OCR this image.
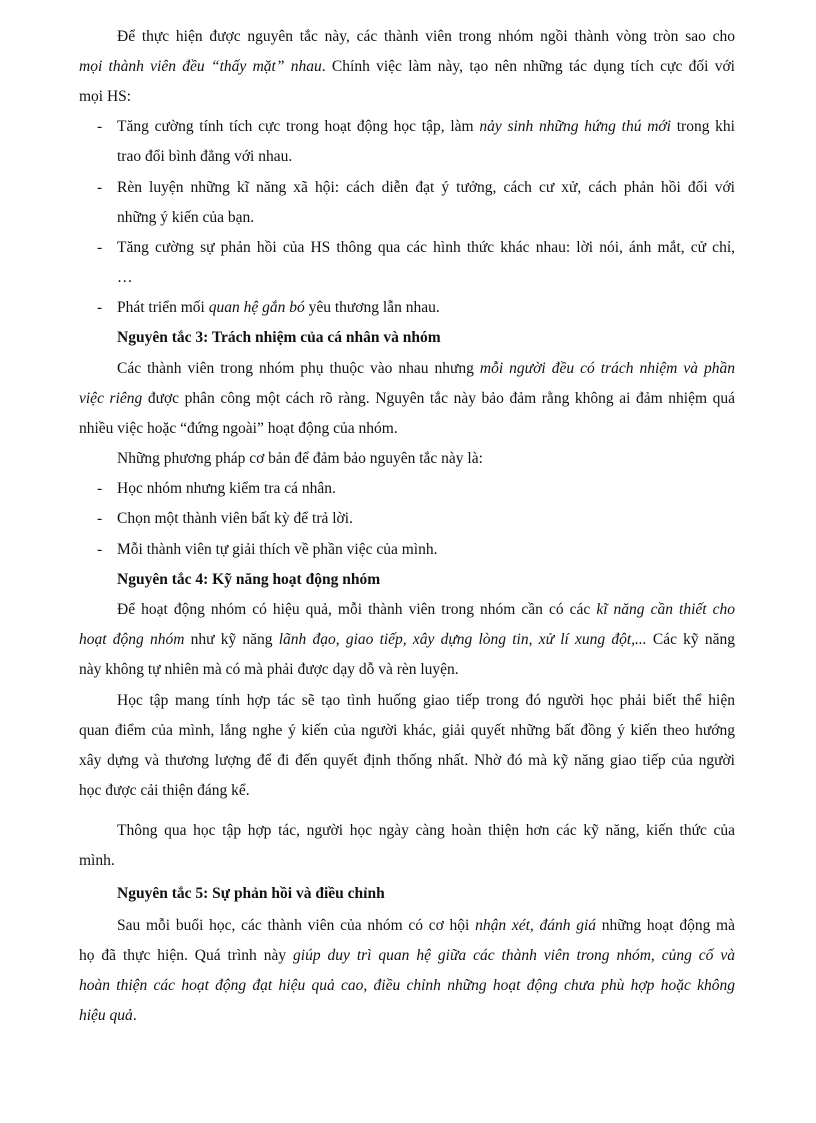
Để thực hiện được nguyên tắc này, các thành viên trong nhóm ngồi thành vòng tròn sao cho
mọi thành viên đều “thấy mặt” nhau. Chính việc làm này, tạo nên những tác dụng tích cực đối với
mọi HS:
- Tăng cường tính tích cực trong hoạt động học tập, làm nảy sinh những hứng thú mới trong khi
trao đổi bình đẳng với nhau.
- Rèn luyện những kĩ năng xã hội: cách diễn đạt ý tưởng, cách cư xử, cách phản hồi đối với
những ý kiến của bạn.
- Tăng cường sự phản hồi của HS thông qua các hình thức khác nhau: lời nói, ánh mắt, cử chỉ,
…
- Phát triển mối quan hệ gắn bó yêu thương lẫn nhau.
Nguyên tắc 3: Trách nhiệm của cá nhân và nhóm
Các thành viên trong nhóm phụ thuộc vào nhau nhưng mỗi người đều có trách nhiệm và phần
việc riêng được phân công một cách rõ ràng. Nguyên tắc này bảo đảm rằng không ai đảm nhiệm quá
nhiều việc hoặc “đứng ngoài” hoạt động của nhóm.
Những phương pháp cơ bản để đảm bảo nguyên tắc này là:
- Học nhóm nhưng kiểm tra cá nhân.
- Chọn một thành viên bất kỳ để trả lời.
- Mỗi thành viên tự giải thích về phần việc của mình.
Nguyên tắc 4: Kỹ năng hoạt động nhóm
Để hoạt động nhóm có hiệu quả, mỗi thành viên trong nhóm cần có các kĩ năng cần thiết cho
hoạt động nhóm như kỹ năng lãnh đạo, giao tiếp, xây dựng lòng tin, xử lí xung đột,... Các kỹ năng
này không tự nhiên mà có mà phải được dạy dỗ và rèn luyện.
Học tập mang tính hợp tác sẽ tạo tình huống giao tiếp trong đó người học phải biết thể hiện
quan điểm của mình, lắng nghe ý kiến của người khác, giải quyết những bất đồng ý kiến theo hướng
xây dựng và thương lượng để đi đến quyết định thống nhất. Nhờ đó mà kỹ năng giao tiếp của người
học được cải thiện đáng kể.
Thông qua học tập hợp tác, người học ngày càng hoàn thiện hơn các kỹ năng, kiến thức của
mình.
Nguyên tắc 5: Sự phản hồi và điều chỉnh
Sau mỗi buổi học, các thành viên của nhóm có cơ hội nhận xét, đánh giá những hoạt động mà
họ đã thực hiện. Quá trình này giúp duy trì quan hệ giữa các thành viên trong nhóm, củng cố và
hoàn thiện các hoạt động đạt hiệu quả cao, điều chỉnh những hoạt động chưa phù hợp hoặc không
hiệu quả.
